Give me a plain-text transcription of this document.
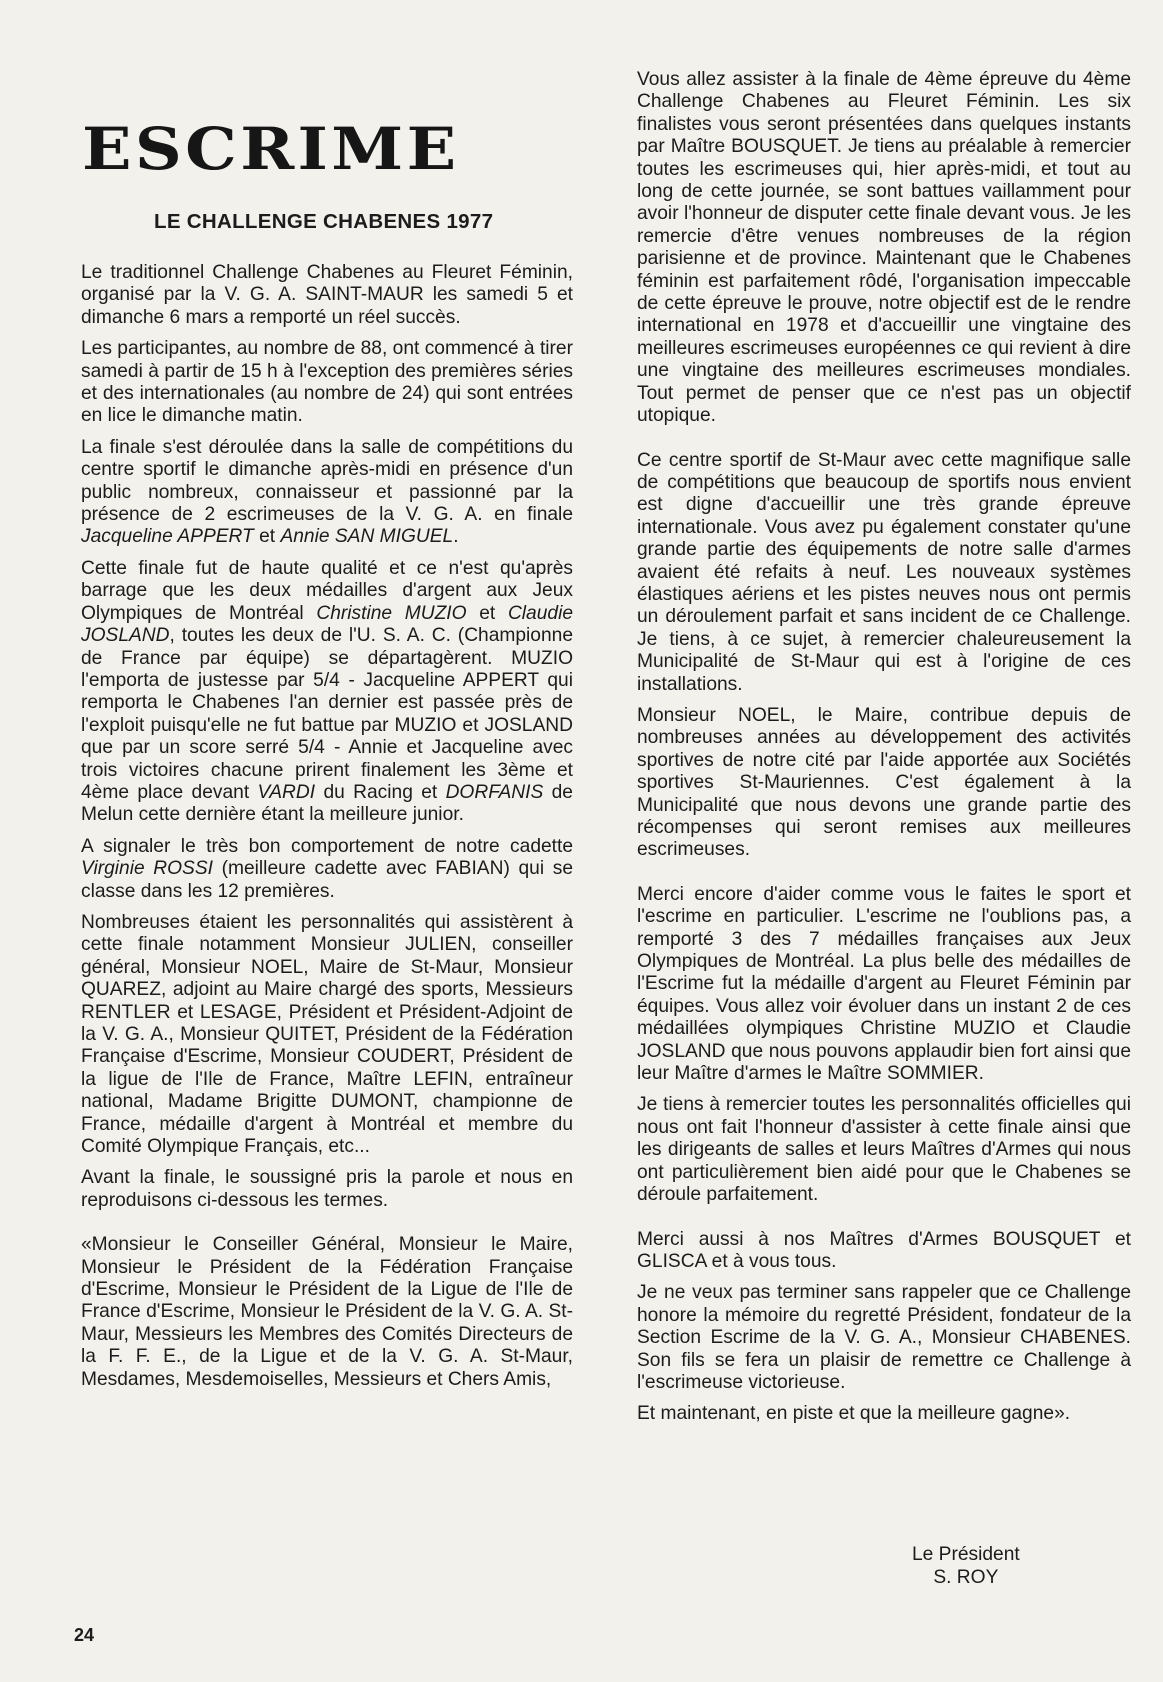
ESCRIME
LE CHALLENGE CHABENES 1977

Le traditionnel Challenge Chabenes au Fleuret Féminin, organisé par la V. G. A. SAINT-MAUR les samedi 5 et dimanche 6 mars a remporté un réel succès.

Les participantes, au nombre de 88, ont commencé à tirer samedi à partir de 15 h à l'exception des premières séries et des internationales (au nombre de 24) qui sont entrées en lice le dimanche matin.

La finale s'est déroulée dans la salle de compétitions du centre sportif le dimanche après-midi en présence d'un public nombreux, connaisseur et passionné par la présence de 2 escrimeuses de la V. G. A. en finale Jacqueline APPERT et Annie SAN MIGUEL.

Cette finale fut de haute qualité et ce n'est qu'après barrage que les deux médailles d'argent aux Jeux Olympiques de Montréal Christine MUZIO et Claudie JOSLAND, toutes les deux de l'U. S. A. C. (Championne de France par équipe) se départagèrent. MUZIO l'emporta de justesse par 5/4 - Jacqueline APPERT qui remporta le Chabenes l'an dernier est passée près de l'exploit puisqu'elle ne fut battue par MUZIO et JOSLAND que par un score serré 5/4 - Annie et Jacqueline avec trois victoires chacune prirent finalement les 3ème et 4ème place devant VARDI du Racing et DORFANIS de Melun cette dernière étant la meilleure junior.

A signaler le très bon comportement de notre cadette Virginie ROSSI (meilleure cadette avec FABIAN) qui se classe dans les 12 premières.

Nombreuses étaient les personnalités qui assistèrent à cette finale notamment Monsieur JULIEN, conseiller général, Monsieur NOEL, Maire de St-Maur, Monsieur QUAREZ, adjoint au Maire chargé des sports, Messieurs RENTLER et LESAGE, Président et Président-Adjoint de la V. G. A., Monsieur QUITET, Président de la Fédération Française d'Escrime, Monsieur COUDERT, Président de la ligue de l'Ile de France, Maître LEFIN, entraîneur national, Madame Brigitte DUMONT, championne de France, médaille d'argent à Montréal et membre du Comité Olympique Français, etc...

Avant la finale, le soussigné pris la parole et nous en reproduisons ci-dessous les termes.

«Monsieur le Conseiller Général, Monsieur le Maire, Monsieur le Président de la Fédération Française d'Escrime, Monsieur le Président de la Ligue de l'Ile de France d'Escrime, Monsieur le Président de la V. G. A. St-Maur, Messieurs les Membres des Comités Directeurs de la F. F. E., de la Ligue et de la V. G. A. St-Maur, Mesdames, Mesdemoiselles, Messieurs et Chers Amis,

Vous allez assister à la finale de 4ème épreuve du 4ème Challenge Chabenes au Fleuret Féminin. Les six finalistes vous seront présentées dans quelques instants par Maître BOUSQUET. Je tiens au préalable à remercier toutes les escrimeuses qui, hier après-midi, et tout au long de cette journée, se sont battues vaillamment pour avoir l'honneur de disputer cette finale devant vous. Je les remercie d'être venues nombreuses de la région parisienne et de province. Maintenant que le Chabenes féminin est parfaitement rôdé, l'organisation impeccable de cette épreuve le prouve, notre objectif est de le rendre international en 1978 et d'accueillir une vingtaine des meilleures escrimeuses européennes ce qui revient à dire une vingtaine des meilleures escrimeuses mondiales. Tout permet de penser que ce n'est pas un objectif utopique.

Ce centre sportif de St-Maur avec cette magnifique salle de compétitions que beaucoup de sportifs nous envient est digne d'accueillir une très grande épreuve internationale. Vous avez pu également constater qu'une grande partie des équipements de notre salle d'armes avaient été refaits à neuf. Les nouveaux systèmes élastiques aériens et les pistes neuves nous ont permis un déroulement parfait et sans incident de ce Challenge. Je tiens, à ce sujet, à remercier chaleureusement la Municipalité de St-Maur qui est à l'origine de ces installations.

Monsieur NOEL, le Maire, contribue depuis de nombreuses années au développement des activités sportives de notre cité par l'aide apportée aux Sociétés sportives St-Mauriennes. C'est également à la Municipalité que nous devons une grande partie des récompenses qui seront remises aux meilleures escrimeuses.

Merci encore d'aider comme vous le faites le sport et l'escrime en particulier. L'escrime ne l'oublions pas, a remporté 3 des 7 médailles françaises aux Jeux Olympiques de Montréal. La plus belle des médailles de l'Escrime fut la médaille d'argent au Fleuret Féminin par équipes. Vous allez voir évoluer dans un instant 2 de ces médaillées olympiques Christine MUZIO et Claudie JOSLAND que nous pouvons applaudir bien fort ainsi que leur Maître d'armes le Maître SOMMIER.

Je tiens à remercier toutes les personnalités officielles qui nous ont fait l'honneur d'assister à cette finale ainsi que les dirigeants de salles et leurs Maîtres d'Armes qui nous ont particulièrement bien aidé pour que le Chabenes se déroule parfaitement.

Merci aussi à nos Maîtres d'Armes BOUSQUET et GLISCA et à vous tous.

Je ne veux pas terminer sans rappeler que ce Challenge honore la mémoire du regretté Président, fondateur de la Section Escrime de la V. G. A., Monsieur CHABENES. Son fils se fera un plaisir de remettre ce Challenge à l'escrimeuse victorieuse.

Et maintenant, en piste et que la meilleure gagne».

Le Président
S. ROY
24
